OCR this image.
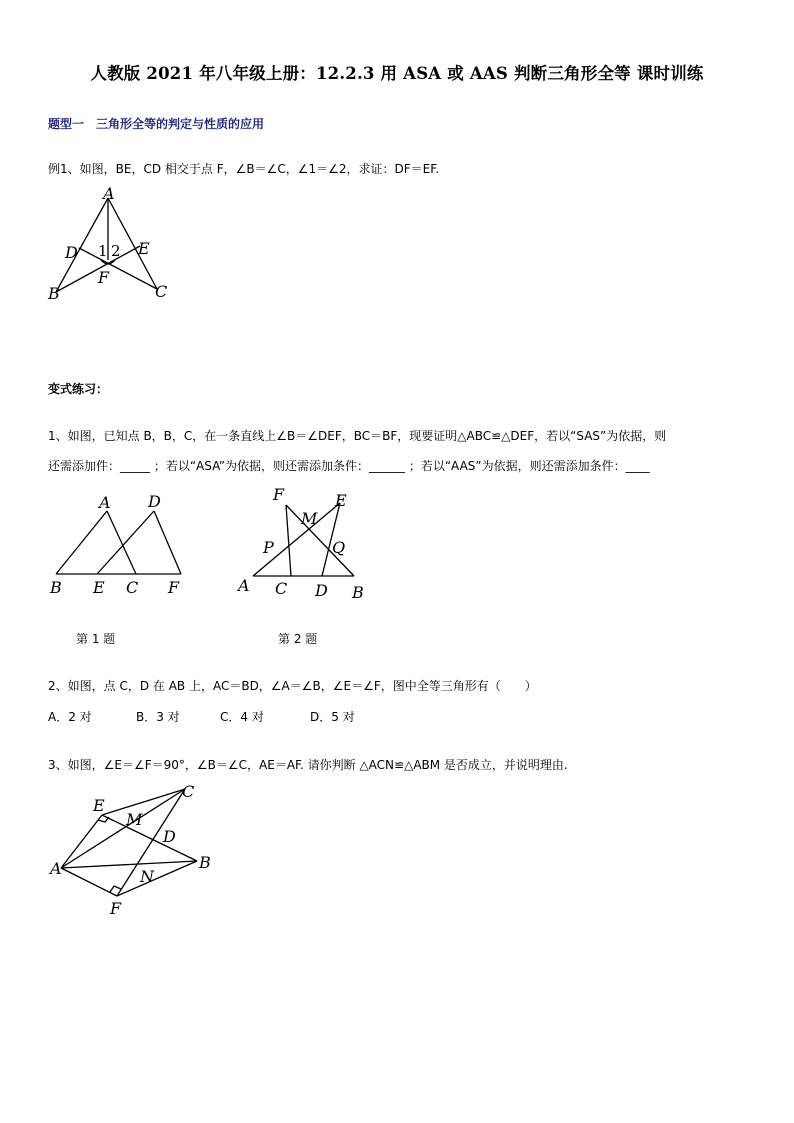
人教版 2021 年八年级上册：12.2.3 用 ASA 或 AAS 判断三角形全等 课时训练
题型一　三角形全等的判定与性质的应用
例1、如图，BE，CD 相交于点 F，∠B＝∠C，∠1＝∠2，求证：DF＝EF.
A
B	C
D	E
F
1 2
变式练习：
1、如图，已知点 B，B，C，在一条直线上∠B＝∠DEF，BC＝BF，现要证明△ABC≌△DEF，若以“SAS”为依据，则
还需添加件：_____ ；若以“ASA”为依据，则还需添加条件：______ ；若以“AAS”为依据，则还需添加条件：____
A
B	C
D
E	F
F	E
M
P	Q
A C D B
第 1 题	第 2 题
2、如图，点 C，D 在 AB 上，AC＝BD，∠A＝∠B，∠E＝∠F，图中全等三角形有（　　）
A．2 对	B．3 对	C．4 对	D．5 对
3、如图，∠E＝∠F＝90°，∠B＝∠C，AE＝AF. 请你判断 △ACN≌△ABM 是否成立，并说明理由.
E
C
M
D
A	B
N
F
